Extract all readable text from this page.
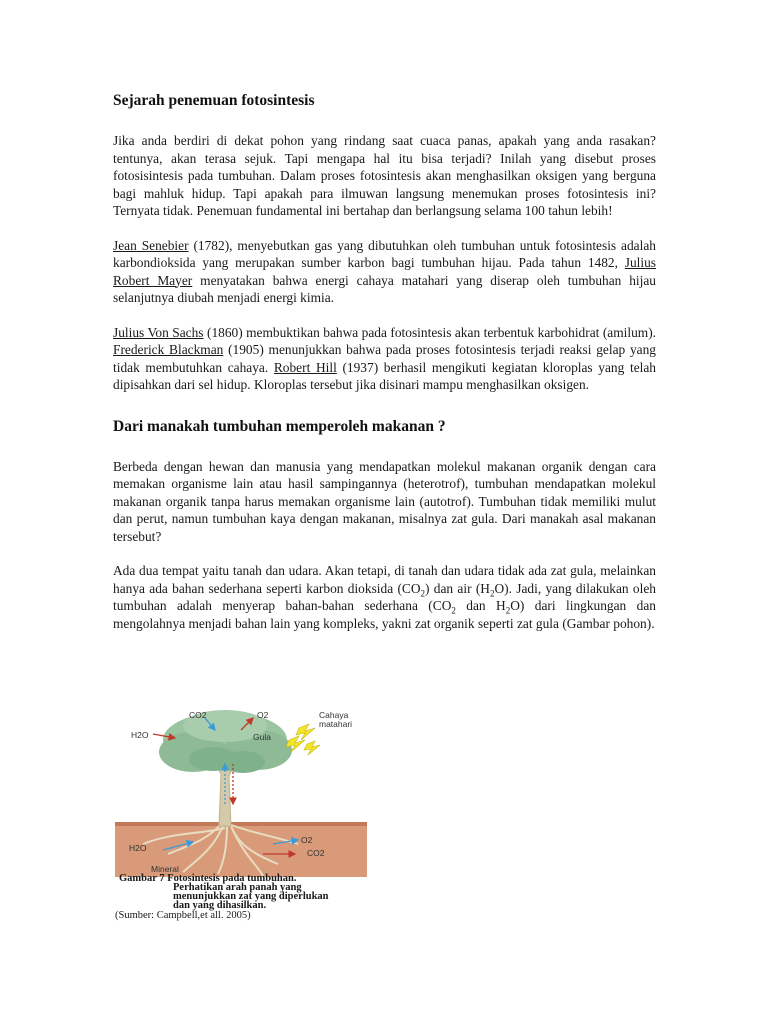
Sejarah penemuan fotosintesis

Jika anda berdiri di dekat pohon yang rindang saat cuaca panas, apakah yang anda rasakan? tentunya, akan terasa sejuk. Tapi mengapa hal itu bisa terjadi? Inilah yang disebut proses fotosisintesis pada tumbuhan. Dalam proses fotosintesis akan menghasilkan oksigen yang berguna bagi mahluk hidup. Tapi apakah para ilmuwan langsung menemukan proses fotosintesis ini? Ternyata tidak. Penemuan fundamental ini bertahap dan berlangsung selama 100 tahun lebih!

Jean Senebier (1782), menyebutkan gas yang dibutuhkan oleh tumbuhan untuk fotosintesis adalah karbondioksida yang merupakan sumber karbon bagi tumbuhan hijau. Pada tahun 1482, Julius Robert Mayer menyatakan bahwa energi cahaya matahari yang diserap oleh tumbuhan hijau selanjutnya diubah menjadi energi kimia.

Julius Von Sachs (1860) membuktikan bahwa pada fotosintesis akan terbentuk karbohidrat (amilum). Frederick Blackman (1905) menunjukkan bahwa pada proses fotosintesis terjadi reaksi gelap yang tidak membutuhkan cahaya. Robert Hill (1937) berhasil mengikuti kegiatan kloroplas yang telah dipisahkan dari sel hidup. Kloroplas tersebut jika disinari mampu menghasilkan oksigen.

Dari manakah tumbuhan memperoleh makanan ?

Berbeda dengan hewan dan manusia yang mendapatkan molekul makanan organik dengan cara memakan organisme lain atau hasil sampingannya (heterotrof), tumbuhan mendapatkan molekul makanan organik tanpa harus memakan organisme lain (autotrof). Tumbuhan tidak memiliki mulut dan perut, namun tumbuhan kaya dengan makanan, misalnya zat gula. Dari manakah asal makanan tersebut?

Ada dua tempat yaitu tanah dan udara. Akan tetapi, di tanah dan udara tidak ada zat gula, melainkan hanya ada bahan sederhana seperti karbon dioksida $(CO_2)$ dan air $(H_2O)$. Jadi, yang dilakukan oleh tumbuhan adalah menyerap bahan-bahan sederhana ($CO_2$ dan $H_2O$) dari lingkungan dan mengolahnya menjadi bahan lain yang kompleks, yakni zat organik seperti zat gula (Gambar pohon).

CO2	O2
H2O	Gula
Cahaya
matahari
O2
CO2
H2O
Mineral
Gambar 7 Fotosintesis pada tumbuhan.
Perhatikan arah panah yang
menunjukkan zat yang diperlukan
dan yang dihasilkan.
(Sumber: Campbell,et all. 2005)
